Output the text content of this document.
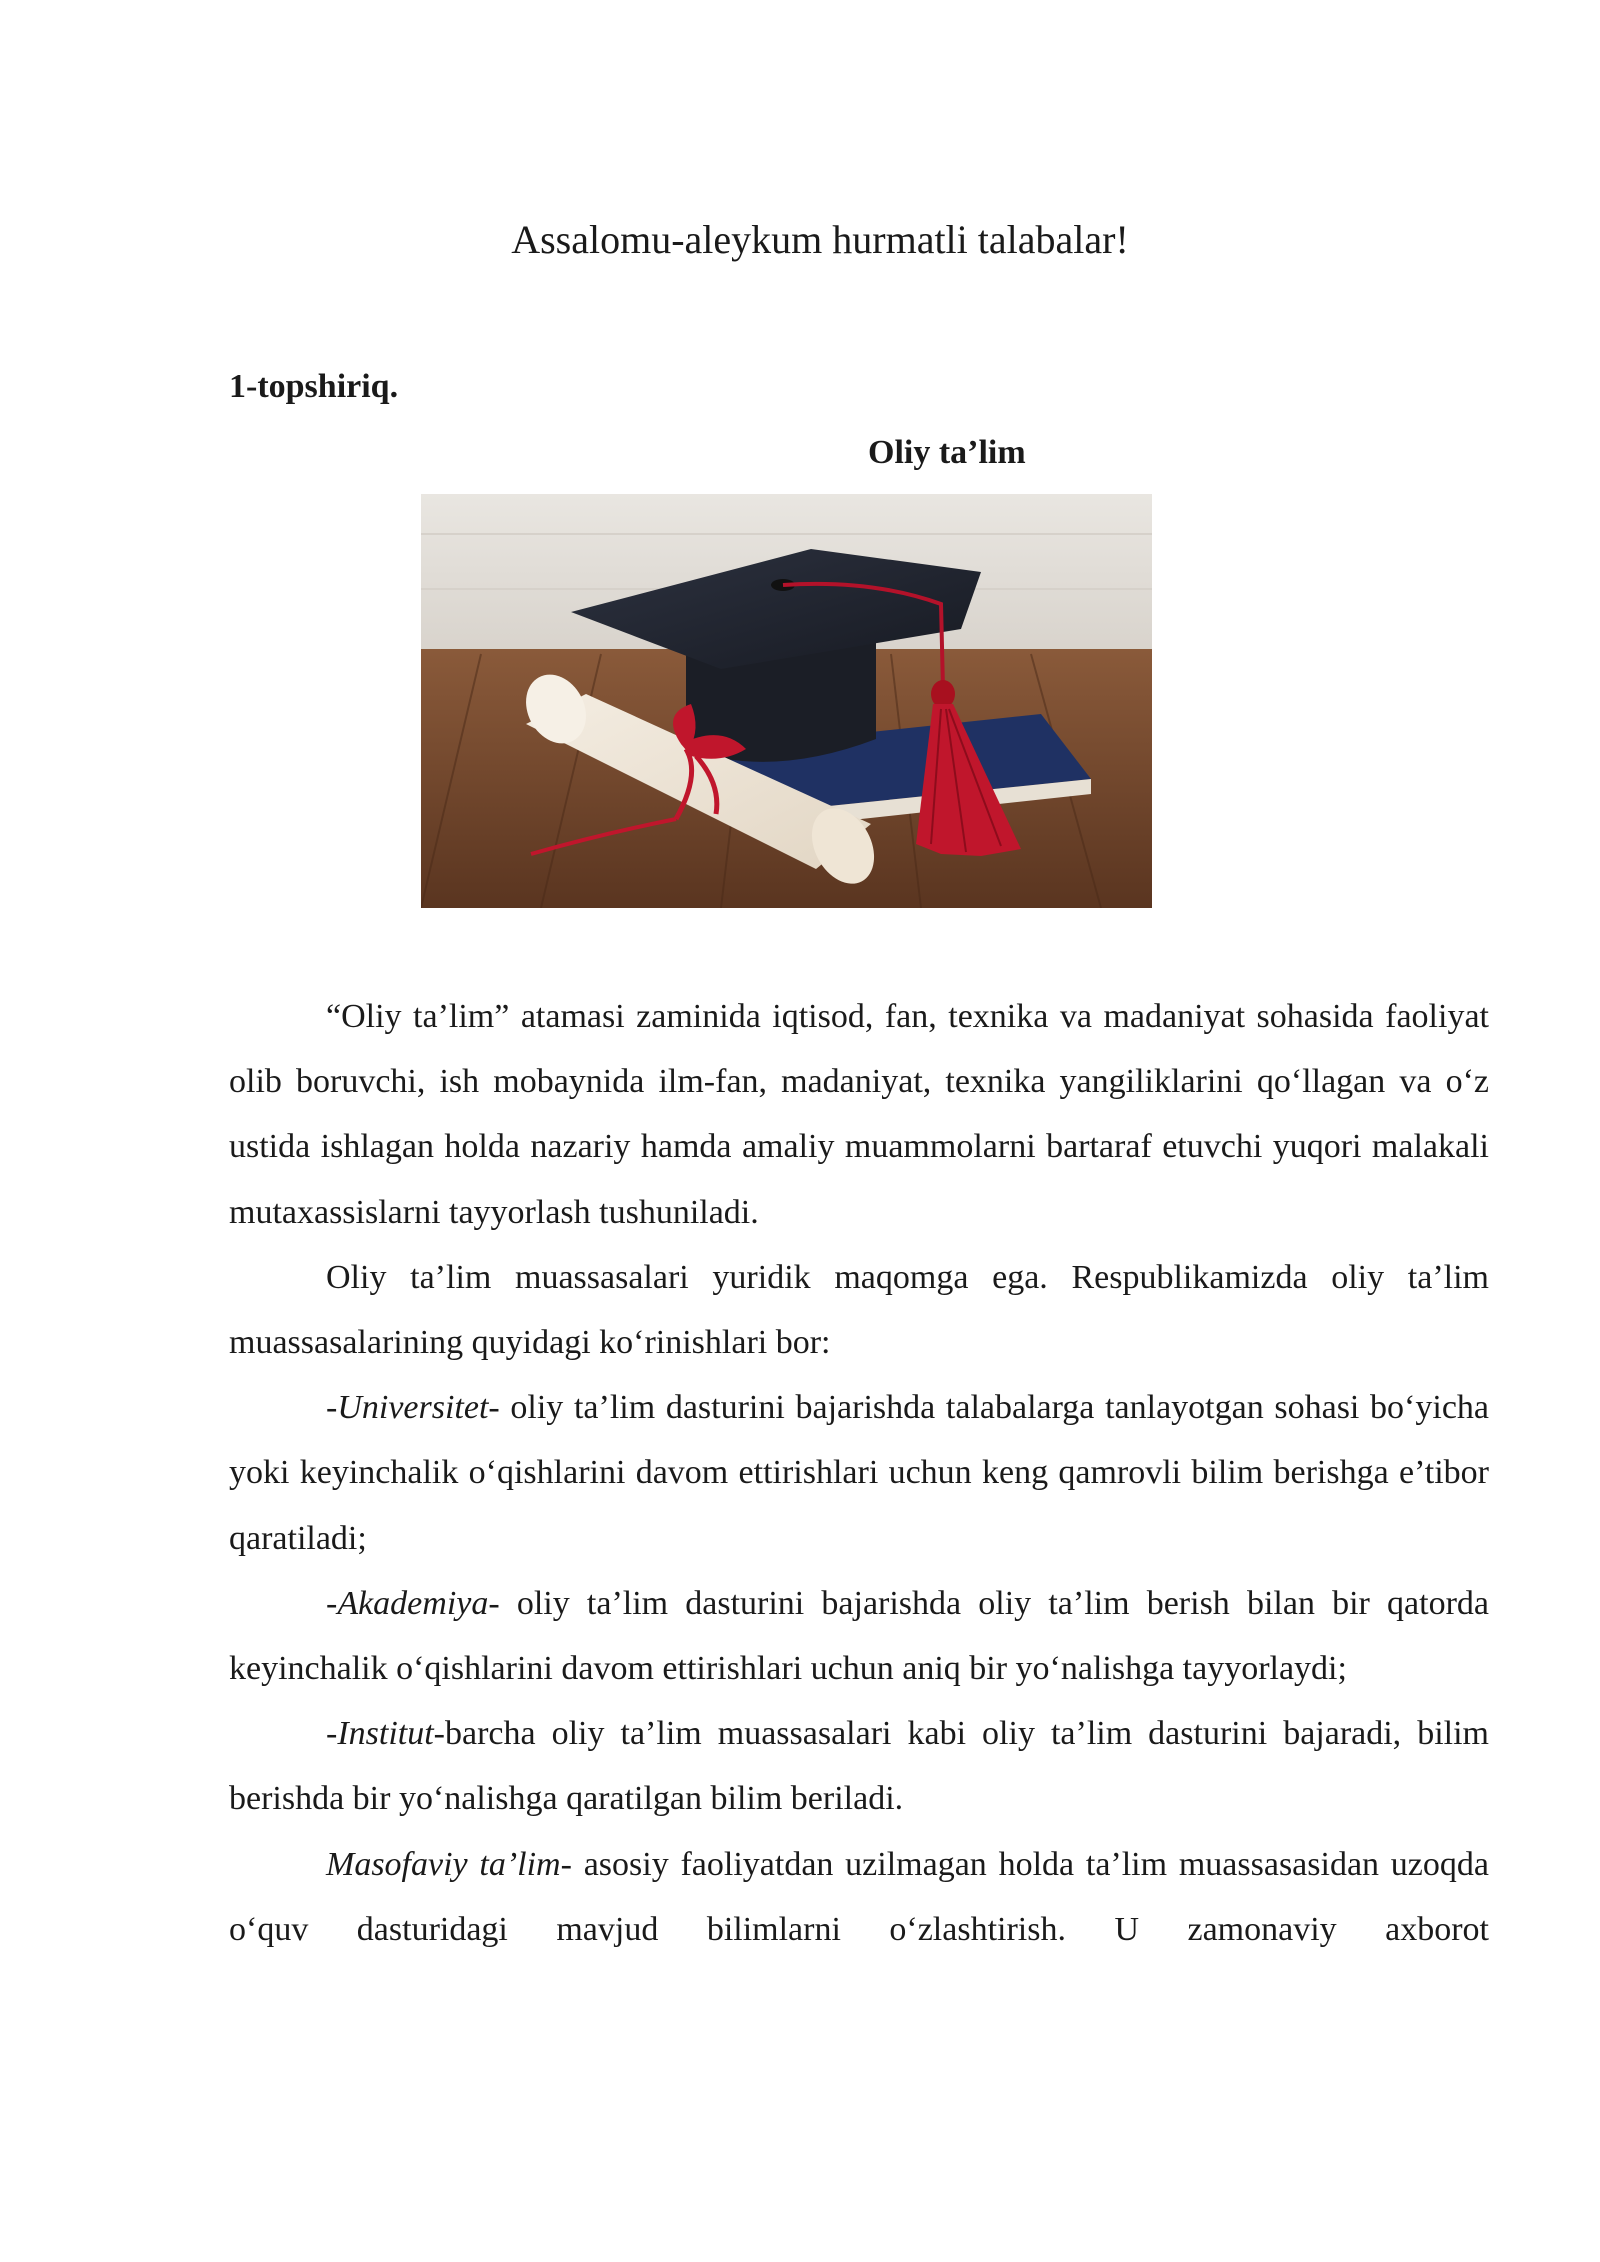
Assalomu-aleykum hurmatli talabalar!
1-topshiriq.
Oliy ta’lim

“Oliy ta’lim” atamasi zaminida iqtisod, fan, texnika va madaniyat sohasida faoliyat olib boruvchi, ish mobaynida ilm-fan, madaniyat, texnika yangiliklarini qo‘llagan va o‘z ustida ishlagan holda nazariy hamda amaliy muammolarni bartaraf etuvchi yuqori malakali mutaxassislarni tayyorlash tushuniladi.

Oliy ta’lim muassasalari yuridik maqomga ega. Respublikamizda oliy ta’lim muassasalarining quyidagi ko‘rinishlari bor:

-Universitet- oliy ta’lim dasturini bajarishda talabalarga tanlayotgan sohasi bo‘yicha yoki keyinchalik o‘qishlarini davom ettirishlari uchun keng qamrovli bilim berishga e’tibor qaratiladi;

-Akademiya- oliy ta’lim dasturini bajarishda oliy ta’lim berish bilan bir qatorda keyinchalik o‘qishlarini davom ettirishlari uchun aniq bir yo‘nalishga tayyorlaydi;

-Institut-barcha oliy ta’lim muassasalari kabi oliy ta’lim dasturini bajaradi, bilim berishda bir yo‘nalishga qaratilgan bilim beriladi.

Masofaviy ta’lim- asosiy faoliyatdan uzilmagan holda ta’lim muassasasidan uzoqda o‘quv dasturidagi mavjud bilimlarni o‘zlashtirish. U zamonaviy axborot
